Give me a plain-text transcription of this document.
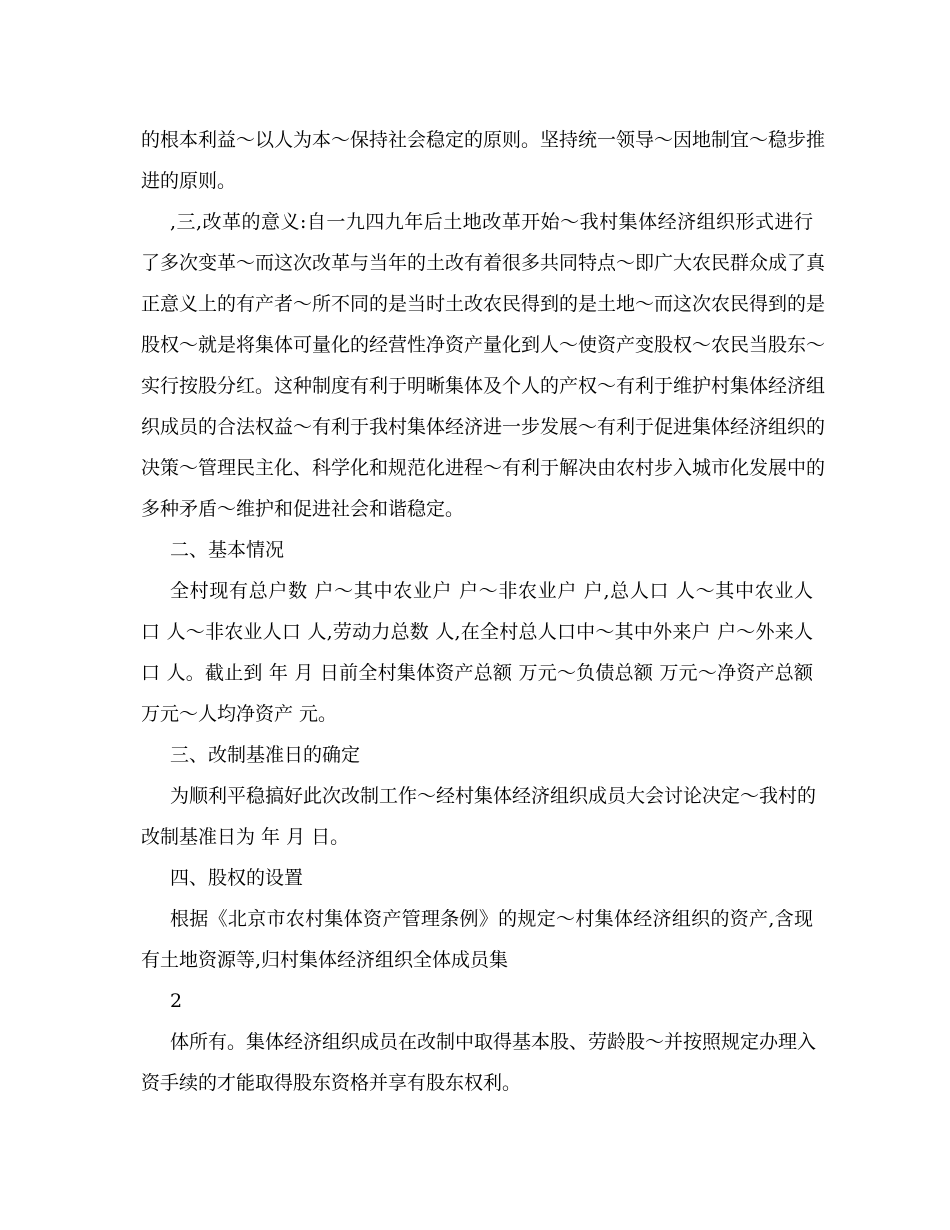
的根本利益～以人为本～保持社会稳定的原则。坚持统一领导～因地制宜～稳步推
进的原则。
,三,改革的意义:自一九四九年后土地改革开始～我村集体经济组织形式进行
了多次变革～而这次改革与当年的土改有着很多共同特点～即广大农民群众成了真
正意义上的有产者～所不同的是当时土改农民得到的是土地～而这次农民得到的是
股权～就是将集体可量化的经营性净资产量化到人～使资产变股权～农民当股东～
实行按股分红。这种制度有利于明晰集体及个人的产权～有利于维护村集体经济组
织成员的合法权益～有利于我村集体经济进一步发展～有利于促进集体经济组织的
决策～管理民主化、科学化和规范化进程～有利于解决由农村步入城市化发展中的
多种矛盾～维护和促进社会和谐稳定。
二、基本情况
全村现有总户数 户～其中农业户 户～非农业户 户,总人口 人～其中农业人
口 人～非农业人口 人,劳动力总数 人,在全村总人口中～其中外来户 户～外来人
口 人。截止到 年 月 日前全村集体资产总额 万元～负债总额 万元～净资产总额
万元～人均净资产 元。
三、改制基准日的确定
为顺利平稳搞好此次改制工作～经村集体经济组织成员大会讨论决定～我村的
改制基准日为 年 月 日。
四、股权的设置
根据《北京市农村集体资产管理条例》的规定～村集体经济组织的资产,含现
有土地资源等,归村集体经济组织全体成员集
2
体所有。集体经济组织成员在改制中取得基本股、劳龄股～并按照规定办理入
资手续的才能取得股东资格并享有股东权利。
